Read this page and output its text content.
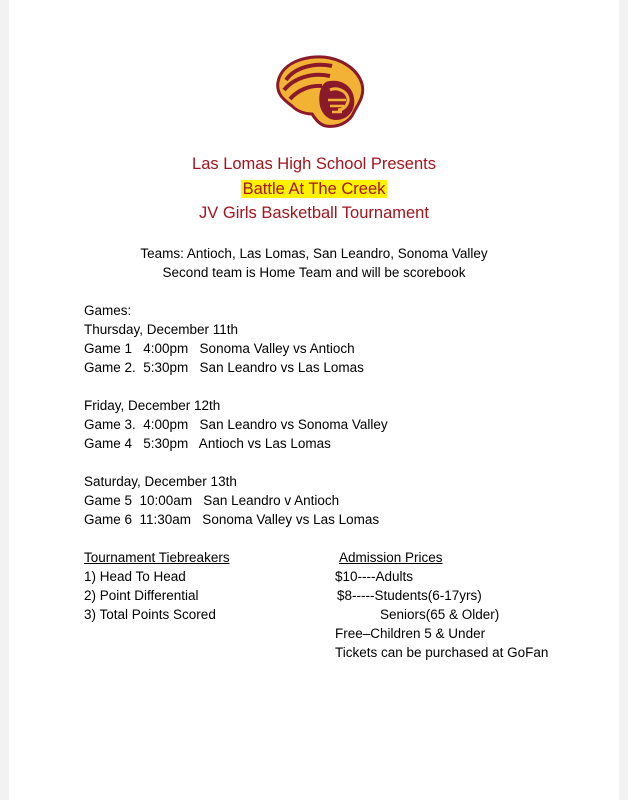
Las Lomas High School Presents
Battle At The Creek
JV Girls Basketball Tournament
Teams: Antioch, Las Lomas, San Leandro, Sonoma Valley
Second team is Home Team and will be scorebook
Games:
Thursday, December 11th
Game 1   4:00pm   Sonoma Valley vs Antioch
Game 2.  5:30pm   San Leandro vs Las Lomas
Friday, December 12th
Game 3.  4:00pm   San Leandro vs Sonoma Valley
Game 4   5:30pm   Antioch vs Las Lomas
Saturday, December 13th
Game 5  10:00am   San Leandro v Antioch
Game 6  11:30am   Sonoma Valley vs Las Lomas
Tournament Tiebreakers
1) Head To Head
2) Point Differential
3) Total Points Scored
Admission Prices
$10----Adults
$8-----Students(6-17yrs)
Seniors(65 & Older)
Free–Children 5 & Under
Tickets can be purchased at GoFan
